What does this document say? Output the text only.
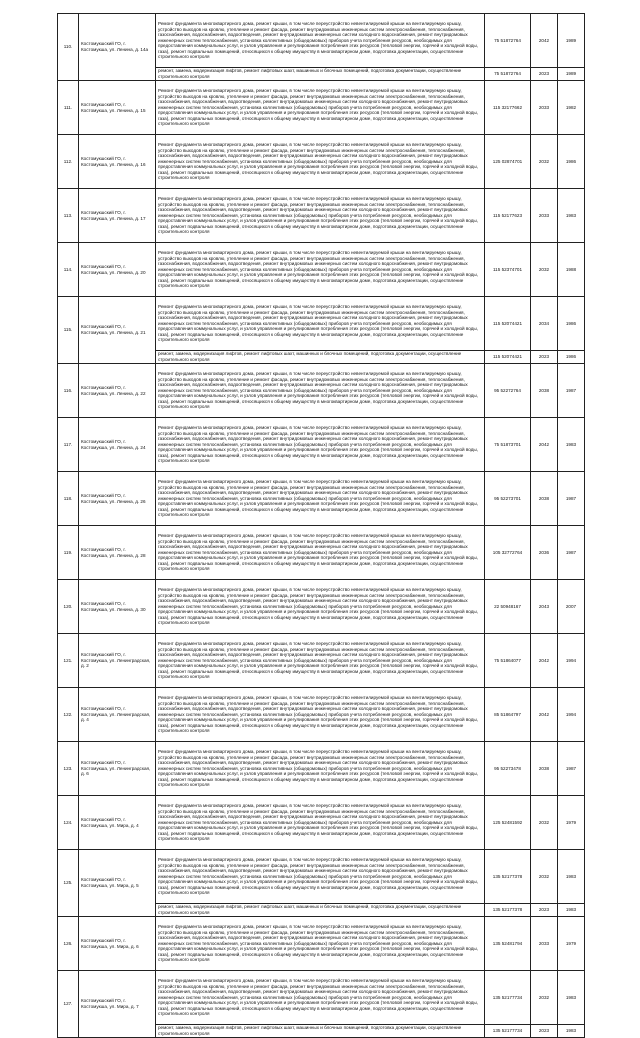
110.	Костомукшский ГО, г. Костомукша, ул. Ленина, д. 14а	Ремонт фундамента многоквартирного дома, ремонт крыши, в том числе переустройство невентилируемой крыши на вентилируемую крышу, устройство выходов на кровлю, утепление и ремонт фасада, ремонт внутридомовых инженерных систем электроснабжения, теплоснабжения, газоснабжения, водоснабжения, водоотведения, ремонт внутридомовых инженерных систем холодного водоснабжения, ремонт внутридомовых инженерных систем теплоснабжения, установка коллективных (общедомовых) приборов учета потребления ресурсов, необходимых для предоставления коммунальных услуг, и узлов управления и регулирования потребления этих ресурсов (тепловой энергии, горячей и холодной воды, газа), ремонт подвальных помещений, относящихся к общему имуществу в многоквартирном доме, подготовка документации, осуществление строительного контроля	75 51872764	2042	1989
		ремонт, замена, модернизация лифтов, ремонт лифтовых шахт, машинных и блочных помещений, подготовка документации, осуществление строительного контроля	75 51872764	2023	1989
111.	Костомукшский ГО, г. Костомукша, ул. Ленина, д. 15	Ремонт фундамента многоквартирного дома, ремонт крыши, в том числе переустройство невентилируемой крыши на вентилируемую крышу, устройство выходов на кровлю, утепление и ремонт фасада, ремонт внутридомовых инженерных систем электроснабжения, теплоснабжения, газоснабжения, водоснабжения, водоотведения, ремонт внутридомовых инженерных систем холодного водоснабжения, ремонт внутридомовых инженерных систем теплоснабжения, установка коллективных (общедомовых) приборов учета потребления ресурсов, необходимых для предоставления коммунальных услуг, и узлов управления и регулирования потребления этих ресурсов (тепловой энергии, горячей и холодной воды, газа), ремонт подвальных помещений, относящихся к общему имуществу в многоквартирном доме, подготовка документации, осуществление строительного контроля	115 32177662	2033	1982
112.	Костомукшский ГО, г. Костомукша, ул. Ленина, д. 16	Ремонт фундамента многоквартирного дома, ремонт крыши, в том числе переустройство невентилируемой крыши на вентилируемую крышу, устройство выходов на кровлю, утепление и ремонт фасада, ремонт внутридомовых инженерных систем электроснабжения, теплоснабжения, газоснабжения, водоснабжения, водоотведения, ремонт внутридомовых инженерных систем холодного водоснабжения, ремонт внутридомовых инженерных систем теплоснабжения, установка коллективных (общедомовых) приборов учета потребления ресурсов, необходимых для предоставления коммунальных услуг, и узлов управления и регулирования потребления этих ресурсов (тепловой энергии, горячей и холодной воды, газа), ремонт подвальных помещений, относящихся к общему имуществу в многоквартирном доме, подготовка документации, осуществление строительного контроля	125 02874701	2032	1986
113.	Костомукшский ГО, г. Костомукша, ул. Ленина, д. 17	Ремонт фундамента многоквартирного дома, ремонт крыши, в том числе переустройство невентилируемой крыши на вентилируемую крышу, устройство выходов на кровлю, утепление и ремонт фасада, ремонт внутридомовых инженерных систем электроснабжения, теплоснабжения, газоснабжения, водоснабжения, водоотведения, ремонт внутридомовых инженерных систем холодного водоснабжения, ремонт внутридомовых инженерных систем теплоснабжения, установка коллективных (общедомовых) приборов учета потребления ресурсов, необходимых для предоставления коммунальных услуг, и узлов управления и регулирования потребления этих ресурсов (тепловой энергии, горячей и холодной воды, газа), ремонт подвальных помещений, относящихся к общему имуществу в многоквартирном доме, подготовка документации, осуществление строительного контроля	115 52177623	2033	1983
114.	Костомукшский ГО, г. Костомукша, ул. Ленина, д. 20	Ремонт фундамента многоквартирного дома, ремонт крыши, в том числе переустройство невентилируемой крыши на вентилируемую крышу, устройство выходов на кровлю, утепление и ремонт фасада, ремонт внутридомовых инженерных систем электроснабжения, теплоснабжения, газоснабжения, водоснабжения, водоотведения, ремонт внутридомовых инженерных систем холодного водоснабжения, ремонт внутридомовых инженерных систем теплоснабжения, установка коллективных (общедомовых) приборов учета потребления ресурсов, необходимых для предоставления коммунальных услуг, и узлов управления и регулирования потребления этих ресурсов (тепловой энергии, горячей и холодной воды, газа), ремонт подвальных помещений, относящихся к общему имуществу в многоквартирном доме, подготовка документации, осуществление строительного контроля	115 52374701	2032	1988
115.	Костомукшский ГО, г. Костомукша, ул. Ленина, д. 21	Ремонт фундамента многоквартирного дома, ремонт крыши, в том числе переустройство невентилируемой крыши на вентилируемую крышу, устройство выходов на кровлю, утепление и ремонт фасада, ремонт внутридомовых инженерных систем электроснабжения, теплоснабжения, газоснабжения, водоснабжения, водоотведения, ремонт внутридомовых инженерных систем холодного водоснабжения, ремонт внутридомовых инженерных систем теплоснабжения, установка коллективных (общедомовых) приборов учета потребления ресурсов, необходимых для предоставления коммунальных услуг, и узлов управления и регулирования потребления этих ресурсов (тепловой энергии, горячей и холодной воды, газа), ремонт подвальных помещений, относящихся к общему имуществу в многоквартирном доме, подготовка документации, осуществление строительного контроля	115 52074421	2034	1986
		ремонт, замена, модернизация лифтов, ремонт лифтовых шахт, машинных и блочных помещений, подготовка документации, осуществление строительного контроля	115 52074421	2023	1986
116.	Костомукшский ГО, г. Костомукша, ул. Ленина, д. 22	Ремонт фундамента многоквартирного дома, ремонт крыши, в том числе переустройство невентилируемой крыши на вентилируемую крышу, устройство выходов на кровлю, утепление и ремонт фасада, ремонт внутридомовых инженерных систем электроснабжения, теплоснабжения, газоснабжения, водоснабжения, водоотведения, ремонт внутридомовых инженерных систем холодного водоснабжения, ремонт внутридомовых инженерных систем теплоснабжения, установка коллективных (общедомовых) приборов учета потребления ресурсов, необходимых для предоставления коммунальных услуг, и узлов управления и регулирования потребления этих ресурсов (тепловой энергии, горячей и холодной воды, газа), ремонт подвальных помещений, относящихся к общему имуществу в многоквартирном доме, подготовка документации, осуществление строительного контроля	95 52272764	2038	1987
117.	Костомукшский ГО, г. Костомукша, ул. Ленина, д. 24	Ремонт фундамента многоквартирного дома, ремонт крыши, в том числе переустройство невентилируемой крыши на вентилируемую крышу, устройство выходов на кровлю, утепление и ремонт фасада, ремонт внутридомовых инженерных систем электроснабжения, теплоснабжения, газоснабжения, водоснабжения, водоотведения, ремонт внутридомовых инженерных систем холодного водоснабжения, ремонт внутридомовых инженерных систем теплоснабжения, установка коллективных (общедомовых) приборов учета потребления ресурсов, необходимых для предоставления коммунальных услуг, и узлов управления и регулирования потребления этих ресурсов (тепловой энергии, горячей и холодной воды, газа), ремонт подвальных помещений, относящихся к общему имуществу в многоквартирном доме, подготовка документации, осуществление строительного контроля	75 51873701	2042	1983
118.	Костомукшский ГО, г. Костомукша, ул. Ленина, д. 26	Ремонт фундамента многоквартирного дома, ремонт крыши, в том числе переустройство невентилируемой крыши на вентилируемую крышу, устройство выходов на кровлю, утепление и ремонт фасада, ремонт внутридомовых инженерных систем электроснабжения, теплоснабжения, газоснабжения, водоснабжения, водоотведения, ремонт внутридомовых инженерных систем холодного водоснабжения, ремонт внутридомовых инженерных систем теплоснабжения, установка коллективных (общедомовых) приборов учета потребления ресурсов, необходимых для предоставления коммунальных услуг, и узлов управления и регулирования потребления этих ресурсов (тепловой энергии, горячей и холодной воды, газа), ремонт подвальных помещений, относящихся к общему имуществу в многоквартирном доме, подготовка документации, осуществление строительного контроля	95 52273701	2038	1987
119.	Костомукшский ГО, г. Костомукша, ул. Ленина, д. 28	Ремонт фундамента многоквартирного дома, ремонт крыши, в том числе переустройство невентилируемой крыши на вентилируемую крышу, устройство выходов на кровлю, утепление и ремонт фасада, ремонт внутридомовых инженерных систем электроснабжения, теплоснабжения, газоснабжения, водоснабжения, водоотведения, ремонт внутридомовых инженерных систем холодного водоснабжения, ремонт внутридомовых инженерных систем теплоснабжения, установка коллективных (общедомовых) приборов учета потребления ресурсов, необходимых для предоставления коммунальных услуг, и узлов управления и регулирования потребления этих ресурсов (тепловой энергии, горячей и холодной воды, газа), ремонт подвальных помещений, относящихся к общему имуществу в многоквартирном доме, подготовка документации, осуществление строительного контроля	105 32772764	2036	1987
120.	Костомукшский ГО, г. Костомукша, ул. Ленина, д. 30	Ремонт фундамента многоквартирного дома, ремонт крыши, в том числе переустройство невентилируемой крыши на вентилируемую крышу, устройство выходов на кровлю, утепление и ремонт фасада, ремонт внутридомовых инженерных систем электроснабжения, теплоснабжения, газоснабжения, водоснабжения, водоотведения, ремонт внутридомовых инженерных систем холодного водоснабжения, ремонт внутридомовых инженерных систем теплоснабжения, установка коллективных (общедомовых) приборов учета потребления ресурсов, необходимых для предоставления коммунальных услуг, и узлов управления и регулирования потребления этих ресурсов (тепловой энергии, горячей и холодной воды, газа), ремонт подвальных помещений, относящихся к общему имуществу в многоквартирном доме, подготовка документации, осуществление строительного контроля	22 50948167	2043	2007
121.	Костомукшский ГО, г. Костомукша, ул. Ленинградская, д. 2	Ремонт фундамента многоквартирного дома, ремонт крыши, в том числе переустройство невентилируемой крыши на вентилируемую крышу, устройство выходов на кровлю, утепление и ремонт фасада, ремонт внутридомовых инженерных систем электроснабжения, теплоснабжения, газоснабжения, водоснабжения, водоотведения, ремонт внутридомовых инженерных систем холодного водоснабжения, ремонт внутридомовых инженерных систем теплоснабжения, установка коллективных (общедомовых) приборов учета потребления ресурсов, необходимых для предоставления коммунальных услуг, и узлов управления и регулирования потребления этих ресурсов (тепловой энергии, горячей и холодной воды, газа), ремонт подвальных помещений, относящихся к общему имуществу в многоквартирном доме, подготовка документации, осуществление строительного контроля	75 51864077	2042	1994
122.	Костомукшский ГО, г. Костомукша, ул. Ленинградская, д. 4	Ремонт фундамента многоквартирного дома, ремонт крыши, в том числе переустройство невентилируемой крыши на вентилируемую крышу, устройство выходов на кровлю, утепление и ремонт фасада, ремонт внутридомовых инженерных систем электроснабжения, теплоснабжения, газоснабжения, водоснабжения, водоотведения, ремонт внутридомовых инженерных систем холодного водоснабжения, ремонт внутридомовых инженерных систем теплоснабжения, установка коллективных (общедомовых) приборов учета потребления ресурсов, необходимых для предоставления коммунальных услуг, и узлов управления и регулирования потребления этих ресурсов (тепловой энергии, горячей и холодной воды, газа), ремонт подвальных помещений, относящихся к общему имуществу в многоквартирном доме, подготовка документации, осуществление строительного контроля	85 51864797	2042	1994
123.	Костомукшский ГО, г. Костомукша, ул. Ленинградская, д. 6	Ремонт фундамента многоквартирного дома, ремонт крыши, в том числе переустройство невентилируемой крыши на вентилируемую крышу, устройство выходов на кровлю, утепление и ремонт фасада, ремонт внутридомовых инженерных систем электроснабжения, теплоснабжения, газоснабжения, водоснабжения, водоотведения, ремонт внутридомовых инженерных систем холодного водоснабжения, ремонт внутридомовых инженерных систем теплоснабжения, установка коллективных (общедомовых) приборов учета потребления ресурсов, необходимых для предоставления коммунальных услуг, и узлов управления и регулирования потребления этих ресурсов (тепловой энергии, горячей и холодной воды, газа), ремонт подвальных помещений, относящихся к общему имуществу в многоквартирном доме, подготовка документации, осуществление строительного контроля	95 52273478	2038	1987
124.	Костомукшский ГО, г. Костомукша, ул. Мира, д. 4	Ремонт фундамента многоквартирного дома, ремонт крыши, в том числе переустройство невентилируемой крыши на вентилируемую крышу, устройство выходов на кровлю, утепление и ремонт фасада, ремонт внутридомовых инженерных систем электроснабжения, теплоснабжения, газоснабжения, водоснабжения, водоотведения, ремонт внутридомовых инженерных систем холодного водоснабжения, ремонт внутридомовых инженерных систем теплоснабжения, установка коллективных (общедомовых) приборов учета потребления ресурсов, необходимых для предоставления коммунальных услуг, и узлов управления и регулирования потребления этих ресурсов (тепловой энергии, горячей и холодной воды, газа), ремонт подвальных помещений, относящихся к общему имуществу в многоквартирном доме, подготовка документации, осуществление строительного контроля	125 52481592	2032	1979
125.	Костомукшский ГО, г. Костомукша, ул. Мира, д. 5	Ремонт фундамента многоквартирного дома, ремонт крыши, в том числе переустройство невентилируемой крыши на вентилируемую крышу, устройство выходов на кровлю, утепление и ремонт фасада, ремонт внутридомовых инженерных систем электроснабжения, теплоснабжения, газоснабжения, водоснабжения, водоотведения, ремонт внутридомовых инженерных систем холодного водоснабжения, ремонт внутридомовых инженерных систем теплоснабжения, установка коллективных (общедомовых) приборов учета потребления ресурсов, необходимых для предоставления коммунальных услуг, и узлов управления и регулирования потребления этих ресурсов (тепловой энергии, горячей и холодной воды, газа), ремонт подвальных помещений, относящихся к общему имуществу в многоквартирном доме, подготовка документации, осуществление строительного контроля	135 52177378	2032	1983
		ремонт, замена, модернизация лифтов, ремонт лифтовых шахт, машинных и блочных помещений, подготовка документации, осуществление строительного контроля	135 52177378	2023	1983
126.	Костомукшский ГО, г. Костомукша, ул. Мира, д. 6	Ремонт фундамента многоквартирного дома, ремонт крыши, в том числе переустройство невентилируемой крыши на вентилируемую крышу, устройство выходов на кровлю, утепление и ремонт фасада, ремонт внутридомовых инженерных систем электроснабжения, теплоснабжения, газоснабжения, водоснабжения, водоотведения, ремонт внутридомовых инженерных систем холодного водоснабжения, ремонт внутридомовых инженерных систем теплоснабжения, установка коллективных (общедомовых) приборов учета потребления ресурсов, необходимых для предоставления коммунальных услуг, и узлов управления и регулирования потребления этих ресурсов (тепловой энергии, горячей и холодной воды, газа), ремонт подвальных помещений, относящихся к общему имуществу в многоквартирном доме, подготовка документации, осуществление строительного контроля	135 52481794	2033	1979
127.	Костомукшский ГО, г. Костомукша, ул. Мира, д. 7	Ремонт фундамента многоквартирного дома, ремонт крыши, в том числе переустройство невентилируемой крыши на вентилируемую крышу, устройство выходов на кровлю, утепление и ремонт фасада, ремонт внутридомовых инженерных систем электроснабжения, теплоснабжения, газоснабжения, водоснабжения, водоотведения, ремонт внутридомовых инженерных систем холодного водоснабжения, ремонт внутридомовых инженерных систем теплоснабжения, установка коллективных (общедомовых) приборов учета потребления ресурсов, необходимых для предоставления коммунальных услуг, и узлов управления и регулирования потребления этих ресурсов (тепловой энергии, горячей и холодной воды, газа), ремонт подвальных помещений, относящихся к общему имуществу в многоквартирном доме, подготовка документации, осуществление строительного контроля	135 52177734	2032	1983
		ремонт, замена, модернизация лифтов, ремонт лифтовых шахт, машинных и блочных помещений, подготовка документации, осуществление строительного контроля	135 52177734	2023	1983
